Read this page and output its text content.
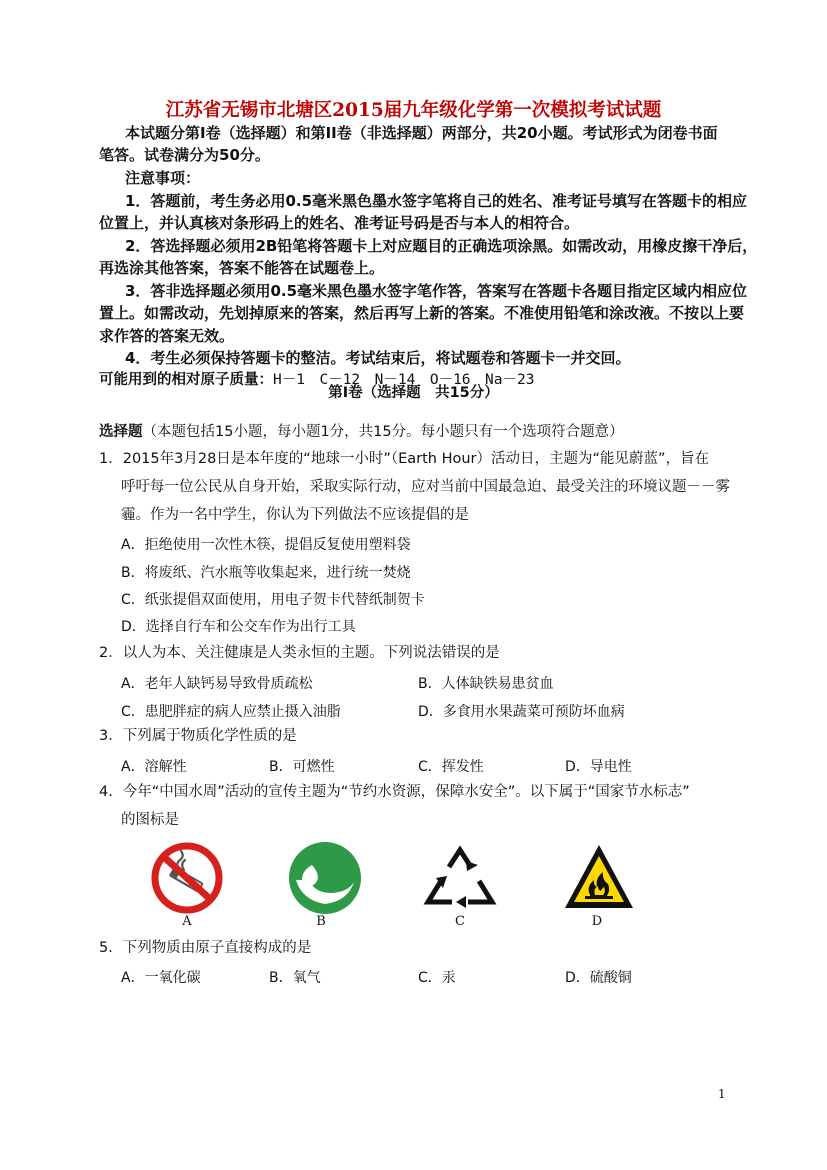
江苏省无锡市北塘区2015届九年级化学第一次模拟考试试题
本试题分第Ⅰ卷（选择题）和第II卷（非选择题）两部分，共20小题。考试形式为闭卷书面
笔答。试卷满分为50分。
注意事项：
1．答题前，考生务必用0.5毫米黑色墨水签字笔将自己的姓名、准考证号填写在答题卡的相应
位置上，并认真核对条形码上的姓名、准考证号码是否与本人的相符合。
2．答选择题必须用2B铅笔将答题卡上对应题目的正确选项涂黑。如需改动，用橡皮擦干净后，
再选涂其他答案，答案不能答在试题卷上。
3．答非选择题必须用0.5毫米黑色墨水签字笔作答，答案写在答题卡各题目指定区域内相应位
置上。如需改动，先划掉原来的答案，然后再写上新的答案。不准使用铅笔和涂改液。不按以上要
求作答的答案无效。
4．考生必须保持答题卡的整洁。考试结束后，将试题卷和答题卡一并交回。
可能用到的相对原子质量：H－1　C－12　N－14　O－16　Na－23
第Ⅰ卷（选择题　共15分）
选择题（本题包括15小题，每小题1分，共15分。每小题只有一个选项符合题意）
1．2015年3月28日是本年度的“地球一小时”（Earth Hour）活动日，主题为“能见蔚蓝”，旨在
呼吁每一位公民从自身开始，采取实际行动，应对当前中国最急迫、最受关注的环境议题－－雾
霾。作为一名中学生，你认为下列做法不应该提倡的是
A．拒绝使用一次性木筷，提倡反复使用塑料袋
B．将废纸、汽水瓶等收集起来，进行统一焚烧
C．纸张提倡双面使用，用电子贺卡代替纸制贺卡
D．选择自行车和公交车作为出行工具
2．以人为本、关注健康是人类永恒的主题。下列说法错误的是
A．老年人缺钙易导致骨质疏松	B．人体缺铁易患贫血
C．患肥胖症的病人应禁止摄入油脂	D．多食用水果蔬菜可预防坏血病
3．下列属于物质化学性质的是
A．溶解性	B．可燃性	C．挥发性	D．导电性
4．今年“中国水周”活动的宣传主题为“节约水资源，保障水安全”。以下属于“国家节水标志”
的图标是
A	B	C	D
5．下列物质由原子直接构成的是
A．一氧化碳	B．氧气	C．汞	D．硫酸铜
1
